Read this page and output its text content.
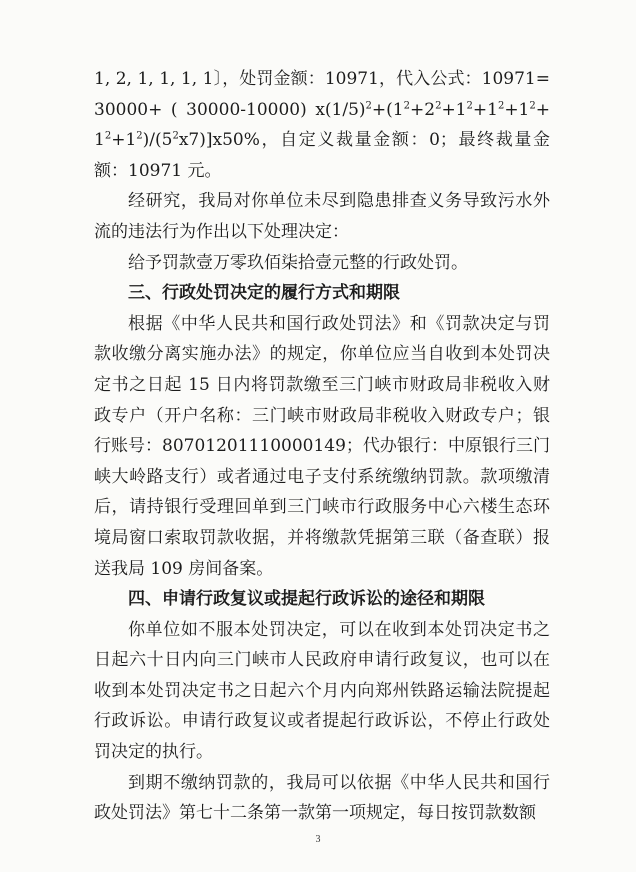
1, 2, 1, 1, 1, 1〕，处罚金额：10971，代入公式：10971= 30000+ ( 30000-10000) $x(1/5)^2+(1^2+2^2+1^2+1^2+1^2+1^2+1^2)/(5^2x7)]x50\%$，自定义裁量金额：0；最终裁量金额：10971 元。

经研究，我局对你单位未尽到隐患排查义务导致污水外流的违法行为作出以下处理决定：

给予罚款壹万零玖佰柒拾壹元整的行政处罚。

三、行政处罚决定的履行方式和期限

根据《中华人民共和国行政处罚法》和《罚款决定与罚款收缴分离实施办法》的规定，你单位应当自收到本处罚决定书之日起 15 日内将罚款缴至三门峡市财政局非税收入财政专户（开户名称：三门峡市财政局非税收入财政专户；银行账号：80701201110000149；代办银行：中原银行三门峡大岭路支行）或者通过电子支付系统缴纳罚款。款项缴清后，请持银行受理回单到三门峡市行政服务中心六楼生态环境局窗口索取罚款收据，并将缴款凭据第三联（备查联）报送我局 109 房间备案。

四、申请行政复议或提起行政诉讼的途径和期限

你单位如不服本处罚决定，可以在收到本处罚决定书之日起六十日内向三门峡市人民政府申请行政复议，也可以在收到本处罚决定书之日起六个月内向郑州铁路运输法院提起行政诉讼。申请行政复议或者提起行政诉讼，不停止行政处罚决定的执行。

到期不缴纳罚款的，我局可以依据《中华人民共和国行政处罚法》第七十二条第一款第一项规定，每日按罚款数额

3
